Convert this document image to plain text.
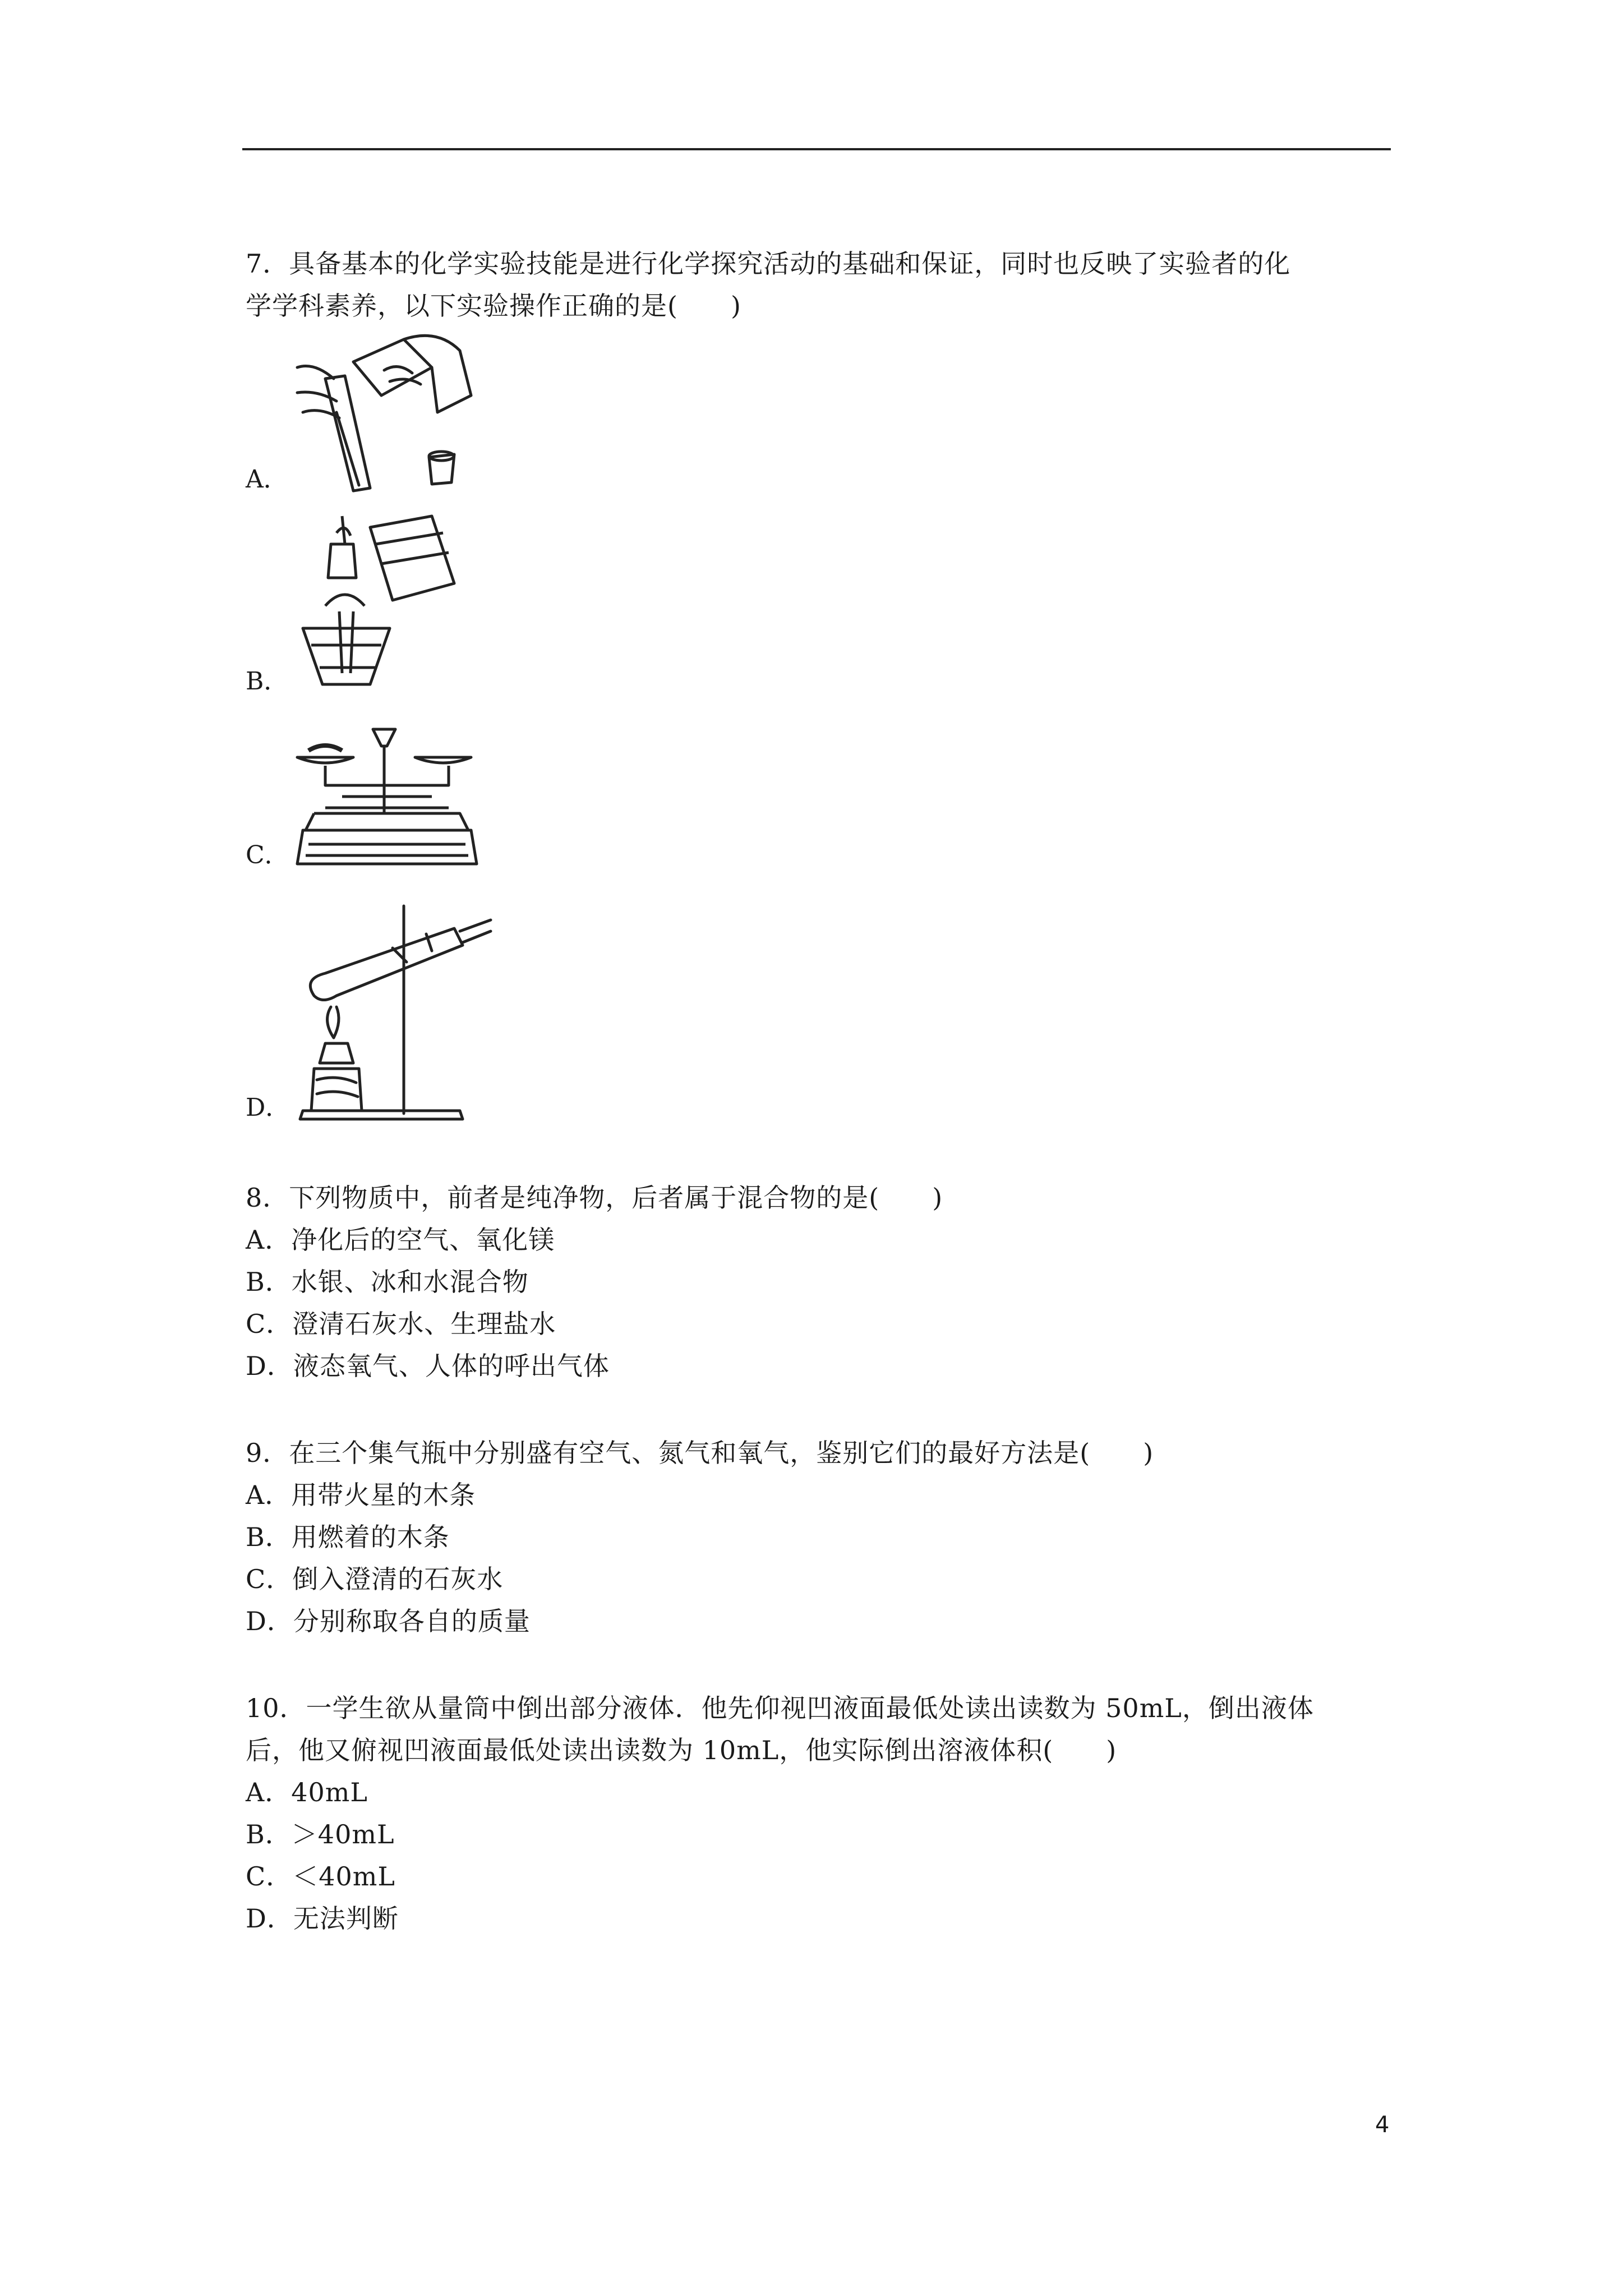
7．具备基本的化学实验技能是进行化学探究活动的基础和保证，同时也反映了实验者的化
学学科素养，以下实验操作正确的是(　　)
A．
B．
C．
D．
8．下列物质中，前者是纯净物，后者属于混合物的是(　　)
A．净化后的空气、氧化镁
B．水银、冰和水混合物
C．澄清石灰水、生理盐水
D．液态氧气、人体的呼出气体
9．在三个集气瓶中分别盛有空气、氮气和氧气，鉴别它们的最好方法是(　　)
A．用带火星的木条
B．用燃着的木条
C．倒入澄清的石灰水
D．分别称取各自的质量
10．一学生欲从量筒中倒出部分液体．他先仰视凹液面最低处读出读数为 50mL，倒出液体
后，他又俯视凹液面最低处读出读数为 10mL，他实际倒出溶液体积(　　)
A．40mL
B．＞40mL
C．＜40mL
D．无法判断
4
